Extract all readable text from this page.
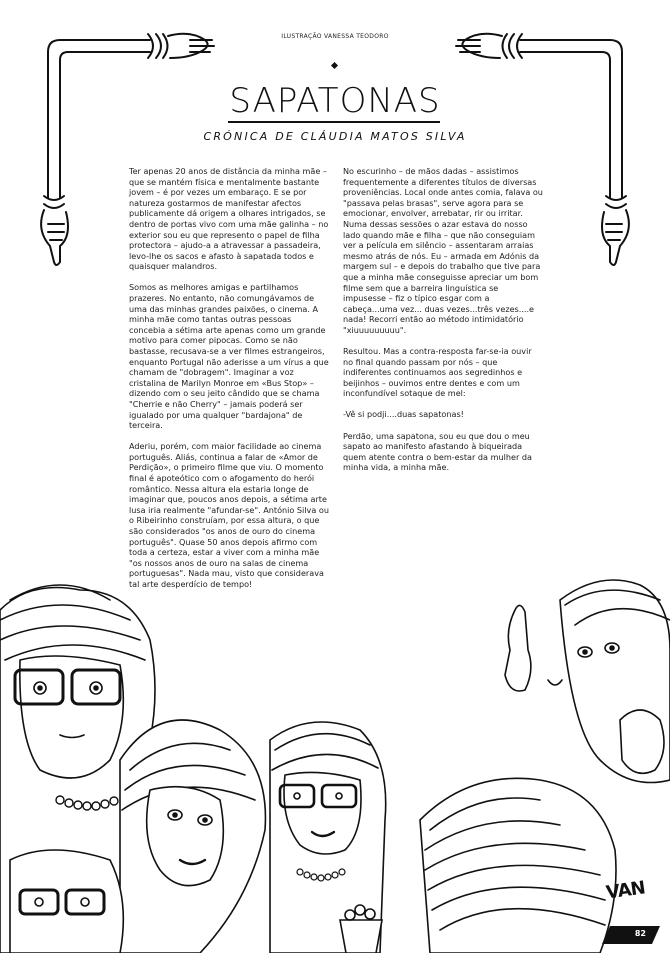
ILUSTRAÇÃO VANESSA TEODORO
SAPATONAS
CRÓNICA DE CLÁUDIA MATOS SILVA

Ter apenas 20 anos de distância da minha mãe – que se mantém física e mentalmente bastante jovem – é por vezes um embaraço. E se por natureza gostarmos de manifestar afectos publicamente dá origem a olhares intrigados, se dentro de portas vivo com uma mãe galinha – no exterior sou eu que represento o papel de filha protectora – ajudo-a a atravessar a passadeira, levo-lhe os sacos e afasto à sapatada todos e quaisquer malandros.

Somos as melhores amigas e partilhamos prazeres. No entanto, não comungávamos de uma das minhas grandes paixões, o cinema. A minha mãe como tantas outras pessoas concebia a sétima arte apenas como um grande motivo para comer pipocas. Como se não bastasse, recusava-se a ver filmes estrangeiros, enquanto Portugal não aderisse a um vírus a que chamam de "dobragem". Imaginar a voz cristalina de Marilyn Monroe em «Bus Stop» – dizendo com o seu jeito cândido que se chama "Cherrie e não Cherry" – jamais poderá ser igualado por uma qualquer "bardajona" de terceira.

Aderiu, porém, com maior facilidade ao cinema português. Aliás, continua a falar de «Amor de Perdição», o primeiro filme que viu. O momento final é apoteótico com o afogamento do herói romântico. Nessa altura ela estaria longe de imaginar que, poucos anos depois, a sétima arte lusa iria realmente "afundar-se". António Silva ou o Ribeirinho construíam, por essa altura, o que são considerados "os anos de ouro do cinema português". Quase 50 anos depois afirmo com toda a certeza, estar a viver com a minha mãe "os nossos anos de ouro na salas de cinema portuguesas". Nada mau, visto que considerava tal arte desperdício de tempo!

No escurinho – de mãos dadas – assistimos frequentemente a diferentes títulos de diversas proveniências. Local onde antes comia, falava ou "passava pelas brasas", serve agora para se emocionar, envolver, arrebatar, rir ou irritar. Numa dessas sessões o azar estava do nosso lado quando mãe e filha – que não conseguiam ver a película em silêncio – assentaram arraias mesmo atrás de nós. Eu – armada em Adónis da margem sul – e depois do trabalho que tive para que a minha mãe conseguisse apreciar um bom filme sem que a barreira linguística se impusesse – fiz o típico esgar com a cabeça...uma vez... duas vezes...três vezes....e nada! Recorri então ao método intimidatório "xiuuuuuuuuu".

Resultou. Mas a contra-resposta far-se-ia ouvir no final quando passam por nós – que indiferentes continuamos aos segredinhos e beijinhos – ouvimos entre dentes e com um inconfundível sotaque de mel:

-Vê si podji....duas sapatonas!

Perdão, uma sapatona, sou eu que dou o meu sapato ao manifesto afastando à biqueirada quem atente contra o bem-estar da mulher da minha vida, a minha mãe.

VAN
82
